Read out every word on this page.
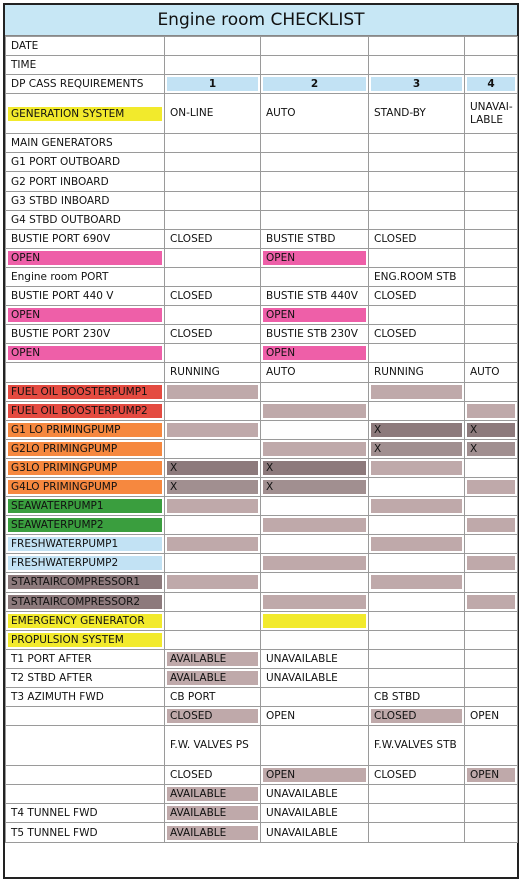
Engine room CHECKLIST
DATE				

TIME				

DP CASS REQUIREMENTS	1	2	3	4

GENERATION SYSTEM	ON-LINE	AUTO	STAND-BY	UNAVAI- LABLE

MAIN GENERATORS				

G1 PORT OUTBOARD				

G2 PORT INBOARD				

G3 STBD INBOARD				

G4 STBD OUTBOARD				

BUSTIE PORT 690V	CLOSED	BUSTIE STBD	CLOSED	

OPEN		OPEN		

Engine room PORT			ENG.ROOM STB	

BUSTIE PORT 440 V	CLOSED	BUSTIE STB 440V	CLOSED	

OPEN		OPEN		

BUSTIE PORT 230V	CLOSED	BUSTIE STB 230V	CLOSED	

OPEN		OPEN		

	RUNNING	AUTO	RUNNING	AUTO

FUEL OIL BOOSTERPUMP1				

FUEL OIL BOOSTERPUMP2				

G1 LO PRIMINGPUMP			X	X

G2LO PRIMINGPUMP			X	X

G3LO PRIMINGPUMP	X	X		

G4LO PRIMINGPUMP	X	X		

SEAWATERPUMP1				

SEAWATERPUMP2				

FRESHWATERPUMP1				

FRESHWATERPUMP2				

STARTAIRCOMPRESSOR1				

STARTAIRCOMPRESSOR2				

EMERGENCY GENERATOR				

PROPULSION SYSTEM				

T1 PORT AFTER	AVAILABLE	UNAVAILABLE		

T2 STBD AFTER	AVAILABLE	UNAVAILABLE		

T3 AZIMUTH FWD	CB PORT		CB STBD	

	CLOSED	OPEN	CLOSED	OPEN

	F.W. VALVES PS		F.W.VALVES STB	

	CLOSED	OPEN	CLOSED	OPEN

	AVAILABLE	UNAVAILABLE		

T4 TUNNEL FWD	AVAILABLE	UNAVAILABLE		

T5 TUNNEL FWD	AVAILABLE	UNAVAILABLE		
